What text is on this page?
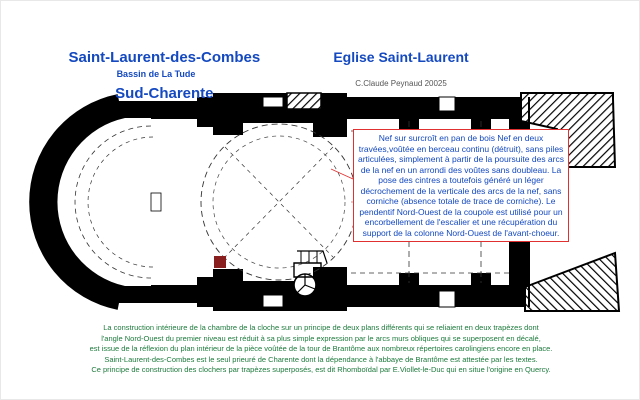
Saint-Laurent-des-Combes

Sud-Charente

Bassin de La Tude
Eglise Saint-Laurent
C.Claude Peynaud 20025
Nef sur surcroît en pan de bois Nef en deux travées,voûtée en berceau continu (détruit), sans piles articulées, simplement à partir de la poursuite des arcs de la nef en un arrondi des voûtes sans doubleau. La pose des cintres a toutefois généré un léger décrochement de la verticale des arcs de la nef, sans corniche (absence totale de trace de corniche). Le pendentif Nord-Ouest de la coupole est utilisé pour un encorbellement de l'escalier et une récupération du support de la colonne Nord-Ouest de l'avant-choeur.
La construction intérieure de la chambre de la cloche sur un principe de deux plans différents qui se reliaient en deux trapèzes dont
l'angle Nord-Ouest du premier niveau est réduit à sa plus simple expression par le arcs murs obliques qui se superposent en décalé,
est issue de la réflexion du plan intérieur de la pièce voûtée de la tour de Brantôme aux nombreux répertoires carolingiens encore en place.
Saint-Laurent-des-Combes est le seul prieuré de Charente dont la dépendance à l'abbaye de Brantôme est attestée par les textes.
Ce principe de construction des clochers par trapèzes superposés, est dit Rhomboïdal par E.Viollet-le-Duc qui en situe l'origine en Quercy.
